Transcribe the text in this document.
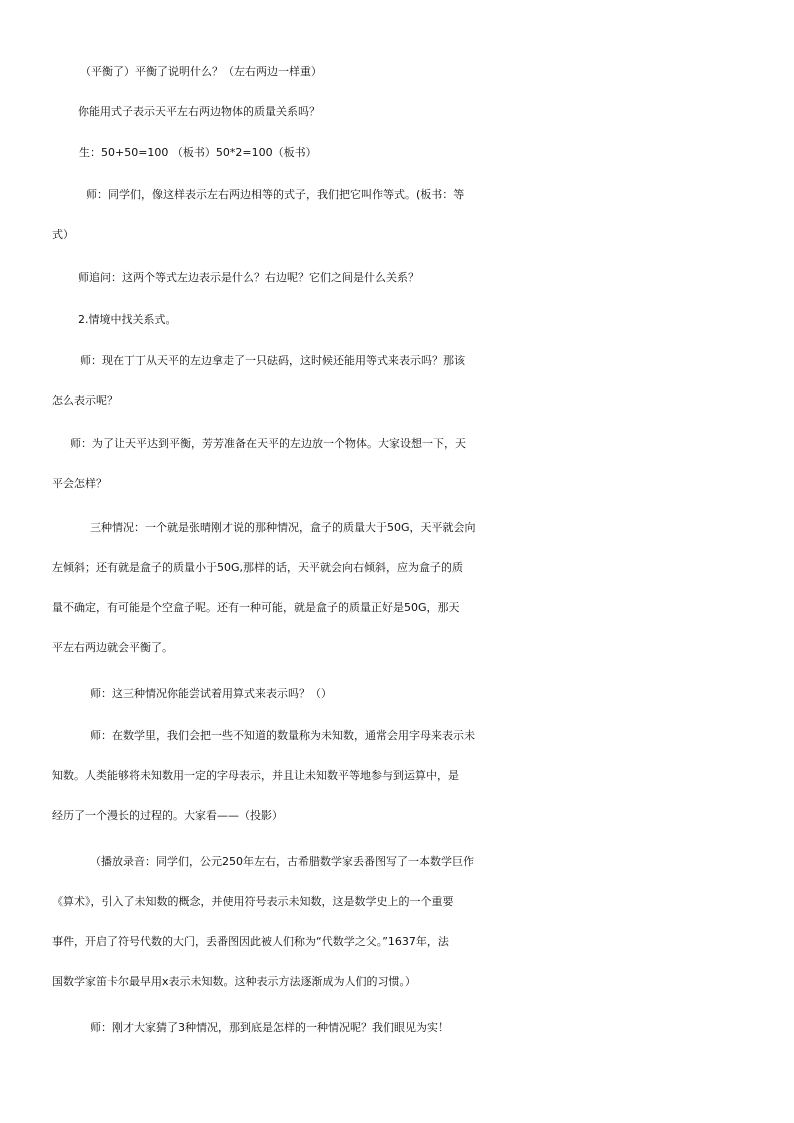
（平衡了）平衡了说明什么？（左右两边一样重）

你能用式子表示天平左右两边物体的质量关系吗？

生：50+50=100 （板书）50*2=100（板书）

师：同学们，像这样表示左右两边相等的式子，我们把它叫作等式。(板书：等
式）

师追问：这两个等式左边表示是什么？右边呢？它们之间是什么关系？

2.情境中找关系式。

师：现在丁丁从天平的左边拿走了一只砝码，这时候还能用等式来表示吗？那该
怎么表示呢？

师：为了让天平达到平衡，芳芳准备在天平的左边放一个物体。大家设想一下，天
平会怎样？

三种情况：一个就是张晴刚才说的那种情况，盒子的质量大于50G，天平就会向
左倾斜；还有就是盒子的质量小于50G,那样的话，天平就会向右倾斜，应为盒子的质
量不确定，有可能是个空盒子呢。还有一种可能，就是盒子的质量正好是50G，那天
平左右两边就会平衡了。

师：这三种情况你能尝试着用算式来表示吗？（）

师：在数学里，我们会把一些不知道的数量称为未知数，通常会用字母来表示未
知数。人类能够将未知数用一定的字母表示，并且让未知数平等地参与到运算中，是
经历了一个漫长的过程的。大家看——（投影）

（播放录音：同学们，公元250年左右，古希腊数学家丢番图写了一本数学巨作
《算术》，引入了未知数的概念，并使用符号表示未知数，这是数学史上的一个重要
事件，开启了符号代数的大门，丢番图因此被人们称为“代数学之父。”1637年，法
国数学家笛卡尔最早用x表示未知数。这种表示方法逐渐成为人们的习惯。）

师：刚才大家猜了3种情况，那到底是怎样的一种情况呢？我们眼见为实！
